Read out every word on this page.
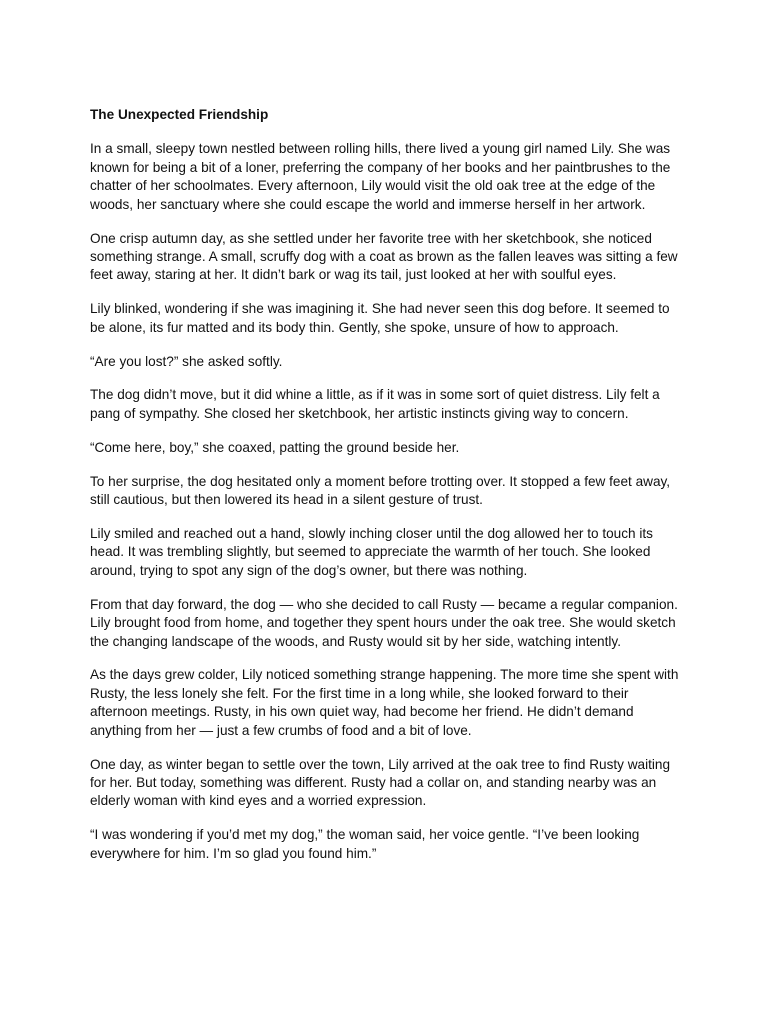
The Unexpected Friendship
In a small, sleepy town nestled between rolling hills, there lived a young girl named Lily. She was known for being a bit of a loner, preferring the company of her books and her paintbrushes to the chatter of her schoolmates. Every afternoon, Lily would visit the old oak tree at the edge of the woods, her sanctuary where she could escape the world and immerse herself in her artwork.
One crisp autumn day, as she settled under her favorite tree with her sketchbook, she noticed something strange. A small, scruffy dog with a coat as brown as the fallen leaves was sitting a few feet away, staring at her. It didn’t bark or wag its tail, just looked at her with soulful eyes.
Lily blinked, wondering if she was imagining it. She had never seen this dog before. It seemed to be alone, its fur matted and its body thin. Gently, she spoke, unsure of how to approach.
“Are you lost?” she asked softly.
The dog didn’t move, but it did whine a little, as if it was in some sort of quiet distress. Lily felt a pang of sympathy. She closed her sketchbook, her artistic instincts giving way to concern.
“Come here, boy,” she coaxed, patting the ground beside her.
To her surprise, the dog hesitated only a moment before trotting over. It stopped a few feet away, still cautious, but then lowered its head in a silent gesture of trust.
Lily smiled and reached out a hand, slowly inching closer until the dog allowed her to touch its head. It was trembling slightly, but seemed to appreciate the warmth of her touch. She looked around, trying to spot any sign of the dog’s owner, but there was nothing.
From that day forward, the dog — who she decided to call Rusty — became a regular companion. Lily brought food from home, and together they spent hours under the oak tree. She would sketch the changing landscape of the woods, and Rusty would sit by her side, watching intently.
As the days grew colder, Lily noticed something strange happening. The more time she spent with Rusty, the less lonely she felt. For the first time in a long while, she looked forward to their afternoon meetings. Rusty, in his own quiet way, had become her friend. He didn’t demand anything from her — just a few crumbs of food and a bit of love.
One day, as winter began to settle over the town, Lily arrived at the oak tree to find Rusty waiting for her. But today, something was different. Rusty had a collar on, and standing nearby was an elderly woman with kind eyes and a worried expression.
“I was wondering if you’d met my dog,” the woman said, her voice gentle. “I’ve been looking everywhere for him. I’m so glad you found him.”
